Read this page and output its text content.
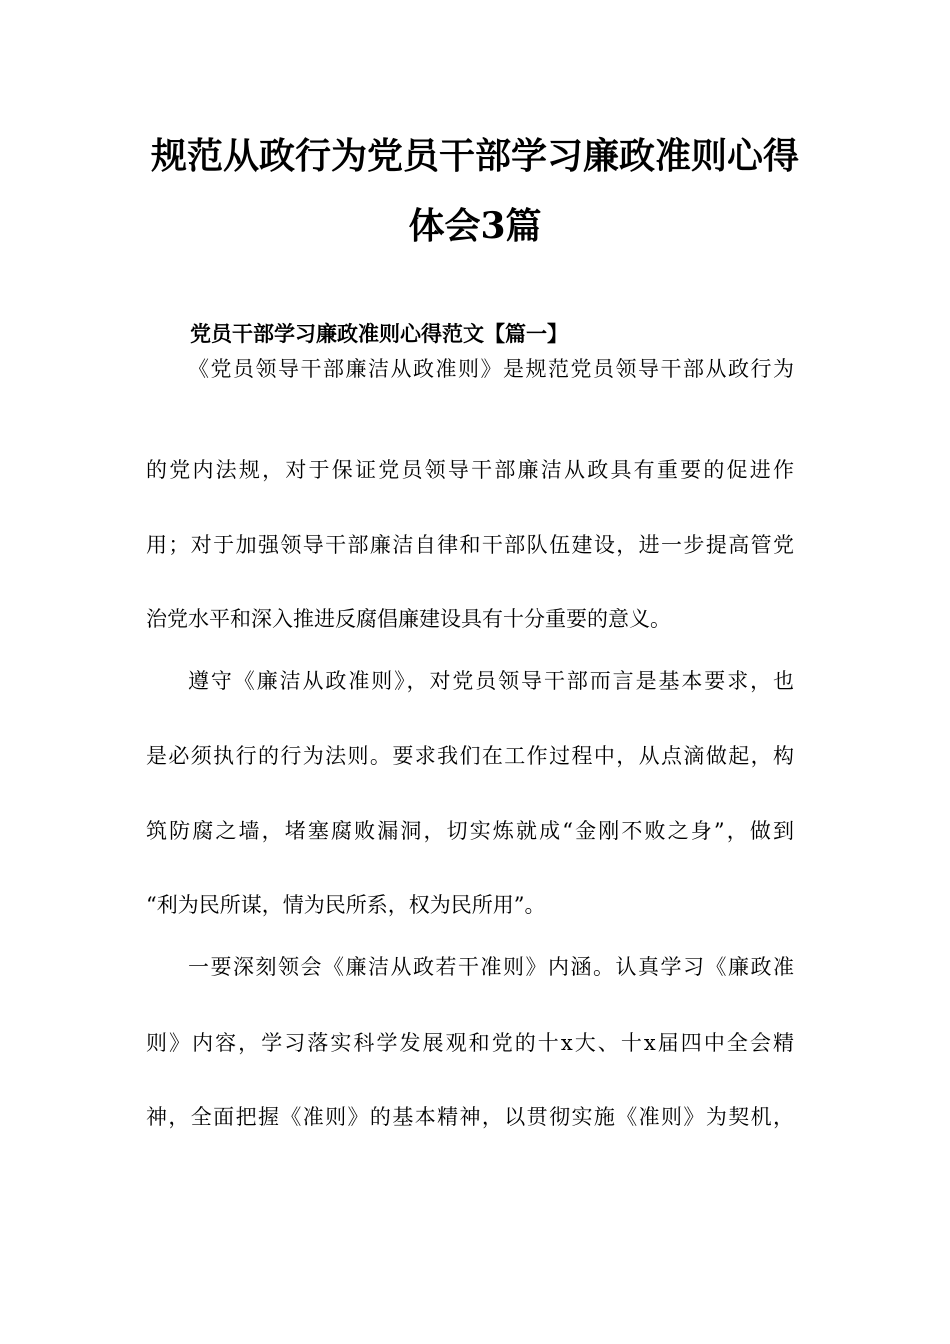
规范从政行为党员干部学习廉政准则心得
体会3篇
党员干部学习廉政准则心得范文【篇一】

《党员领导干部廉洁从政准则》是规范党员领导干部从政行为

的党内法规，对于保证党员领导干部廉洁从政具有重要的促进作

用；对于加强领导干部廉洁自律和干部队伍建设，进一步提高管党

治党水平和深入推进反腐倡廉建设具有十分重要的意义。

遵守《廉洁从政准则》，对党员领导干部而言是基本要求，也

是必须执行的行为法则。要求我们在工作过程中，从点滴做起，构

筑防腐之墙，堵塞腐败漏洞，切实炼就成“金刚不败之身”，做到

“利为民所谋，情为民所系，权为民所用”。

一要深刻领会《廉洁从政若干准则》内涵。认真学习《廉政准

则》内容，学习落实科学发展观和党的十x大、十x届四中全会精

神，全面把握《准则》的基本精神，以贯彻实施《准则》为契机，
